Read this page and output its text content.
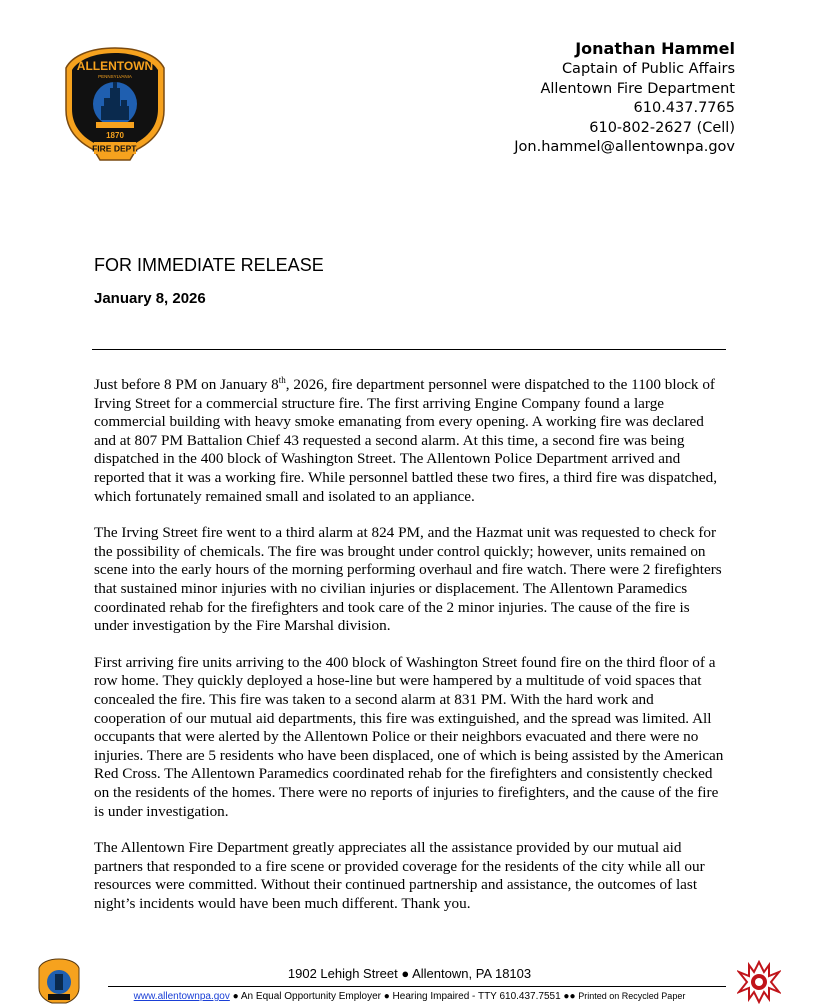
ALLENTOWN
PENNSYLVANIA
1870
FIRE DEPT.
Jonathan Hammel
Captain of Public Affairs
Allentown Fire Department
610.437.7765
610-802-2627 (Cell)
Jon.hammel@allentownpa.gov
FOR IMMEDIATE RELEASE
January 8, 2026

Just before 8 PM on January 8th, 2026, fire department personnel were dispatched to the 1100 block of Irving Street for a commercial structure fire. The first arriving Engine Company found a large commercial building with heavy smoke emanating from every opening. A working fire was declared and at 807 PM Battalion Chief 43 requested a second alarm. At this time, a second fire was being dispatched in the 400 block of Washington Street. The Allentown Police Department arrived and reported that it was a working fire. While personnel battled these two fires, a third fire was dispatched, which fortunately remained small and isolated to an appliance.

The Irving Street fire went to a third alarm at 824 PM, and the Hazmat unit was requested to check for the possibility of chemicals. The fire was brought under control quickly; however, units remained on scene into the early hours of the morning performing overhaul and fire watch. There were 2 firefighters that sustained minor injuries with no civilian injuries or displacement. The Allentown Paramedics coordinated rehab for the firefighters and took care of the 2 minor injuries. The cause of the fire is under investigation by the Fire Marshal division.

First arriving fire units arriving to the 400 block of Washington Street found fire on the third floor of a row home. They quickly deployed a hose-line but were hampered by a multitude of void spaces that concealed the fire. This fire was taken to a second alarm at 831 PM. With the hard work and cooperation of our mutual aid departments, this fire was extinguished, and the spread was limited. All occupants that were alerted by the Allentown Police or their neighbors evacuated and there were no injuries. There are 5 residents who have been displaced, one of which is being assisted by the American Red Cross. The Allentown Paramedics coordinated rehab for the firefighters and consistently checked on the residents of the homes. There were no reports of injuries to firefighters, and the cause of the fire is under investigation.

The Allentown Fire Department greatly appreciates all the assistance provided by our mutual aid partners that responded to a fire scene or provided coverage for the residents of the city while all our resources were committed. Without their continued partnership and assistance, the outcomes of last night’s incidents would have been much different. Thank you.

1902 Lehigh Street ● Allentown, PA 18103
www.allentownpa.gov ● An Equal Opportunity Employer ● Hearing Impaired - TTY 610.437.7551 ●● Printed on Recycled Paper
